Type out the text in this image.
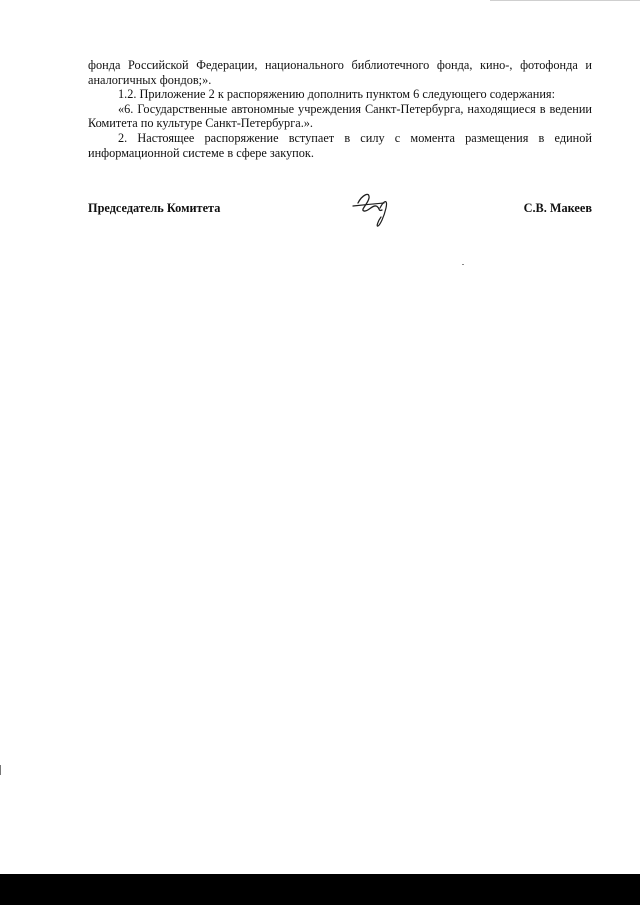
фонда Российской Федерации, национального библиотечного фонда, кино-, фотофонда и аналогичных фондов;».

1.2. Приложение 2 к распоряжению дополнить пунктом 6 следующего содержания:

«6. Государственные автономные учреждения Санкт-Петербурга, находящиеся в ведении Комитета по культуре Санкт-Петербурга.».

2. Настоящее распоряжение вступает в силу с момента размещения в единой информационной системе в сфере закупок.

Председатель Комитета	С.В. Макеев
